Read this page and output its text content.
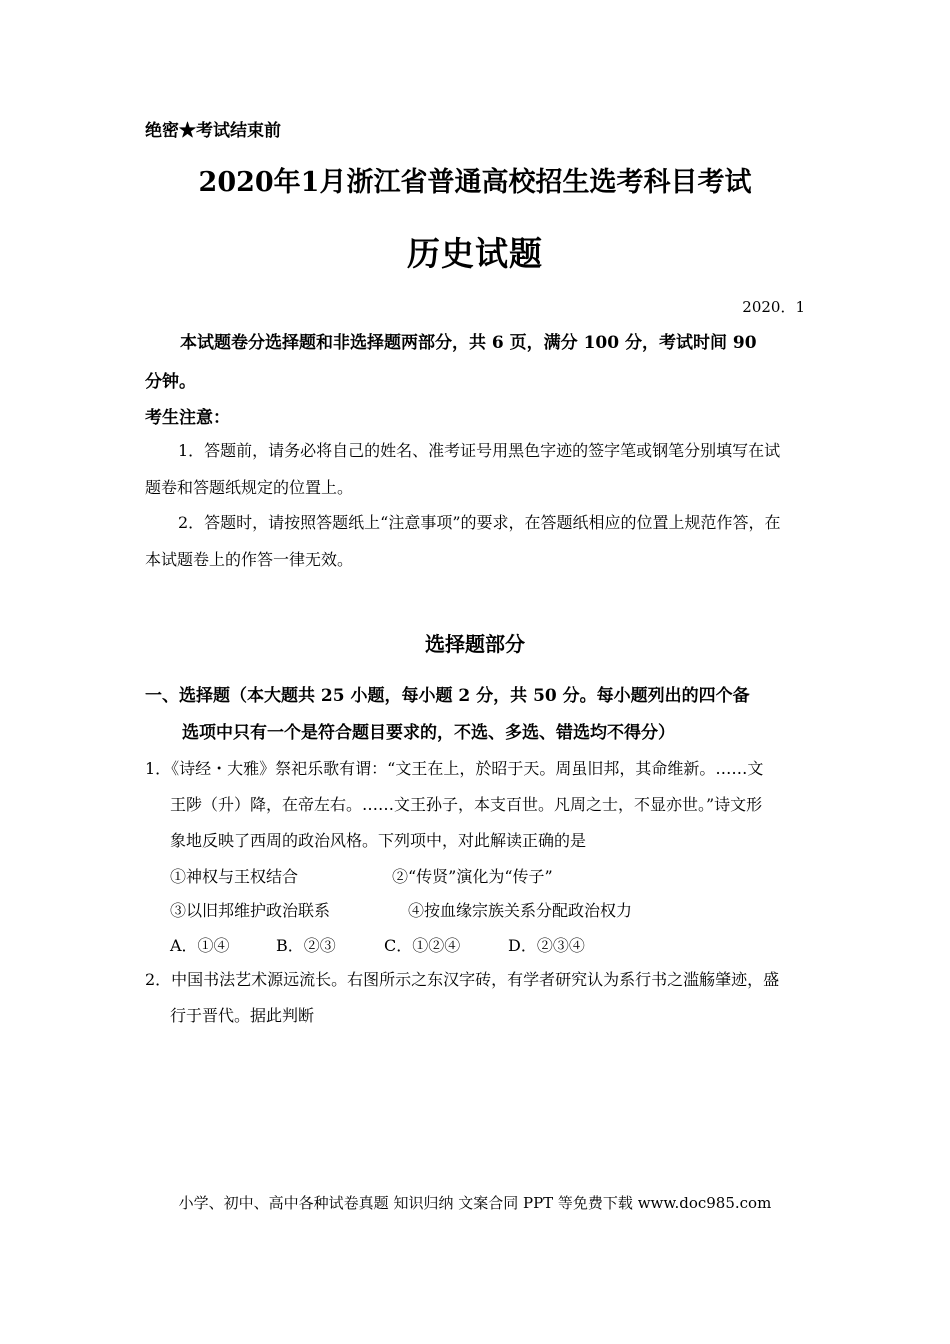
绝密★考试结束前
2020年1月浙江省普通高校招生选考科目考试
历史试题
2020．1
本试题卷分选择题和非选择题两部分，共 6 页，满分 100 分，考试时间 90
分钟。
考生注意：
1．答题前，请务必将自己的姓名、准考证号用黑色字迹的签字笔或钢笔分别填写在试
题卷和答题纸规定的位置上。
2．答题时，请按照答题纸上“注意事项”的要求，在答题纸相应的位置上规范作答，在
本试题卷上的作答一律无效。
选择题部分
一、选择题（本大题共 25 小题，每小题 2 分，共 50 分。每小题列出的四个备
选项中只有一个是符合题目要求的，不选、多选、错选均不得分）
1．《诗经・大雅》祭祀乐歌有谓：“文王在上，於昭于天。周虽旧邦，其命维新。……文
王陟（升）降，在帝左右。……文王孙子，本支百世。凡周之士，不显亦世。”诗文形
象地反映了西周的政治风格。下列项中，对此解读正确的是
①神权与王权结合	②“传贤”演化为“传子”
③以旧邦维护政治联系	④按血缘宗族关系分配政治权力
A．①④	B．②③	C．①②④	D．②③④
2．中国书法艺术源远流长。右图所示之东汉字砖，有学者研究认为系行书之滥觞肇迹，盛
行于晋代。据此判断
小学、初中、高中各种试卷真题 知识归纳 文案合同 PPT 等免费下载 www.doc985.com
